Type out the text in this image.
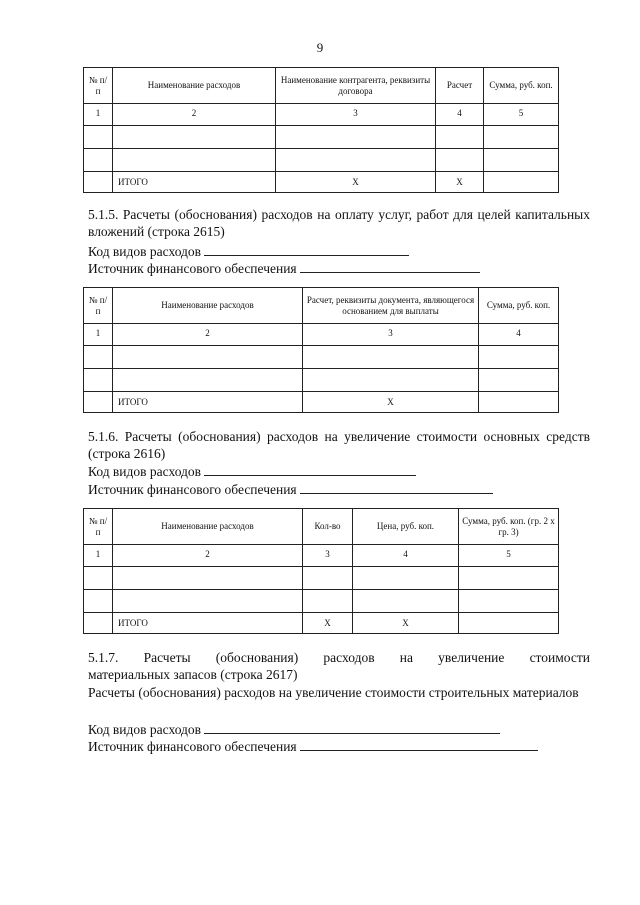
9
№ п/п	Наименование расходов	Наименование контрагента, реквизиты договора	Расчет	Сумма, руб. коп.
1	2	3	4	5

	ИТОГО	Х	Х	
5.1.5. Расчеты (обоснования) расходов на оплату услуг, работ для целей капитальных вложений (строка 2615)
Код видов расходов
Источник финансового обеспечения
№ п/п	Наименование расходов	Расчет, реквизиты документа, являющегося основанием для выплаты	Сумма, руб. коп.
1	2	3	4

	ИТОГО	Х	
5.1.6. Расчеты (обоснования) расходов на увеличение стоимости основных средств (строка 2616)
Код видов расходов
Источник финансового обеспечения
№ п/п	Наименование расходов	Кол-во	Цена, руб. коп.	Сумма, руб. коп. (гр. 2 х гр. 3)
1	2	3	4	5

	ИТОГО	Х	Х	
5.1.7. Расчеты (обоснования) расходов на увеличение стоимости
материальных запасов (строка 2617)
Расчеты (обоснования) расходов на увеличение стоимости строительных материалов
Код видов расходов
Источник финансового обеспечения
